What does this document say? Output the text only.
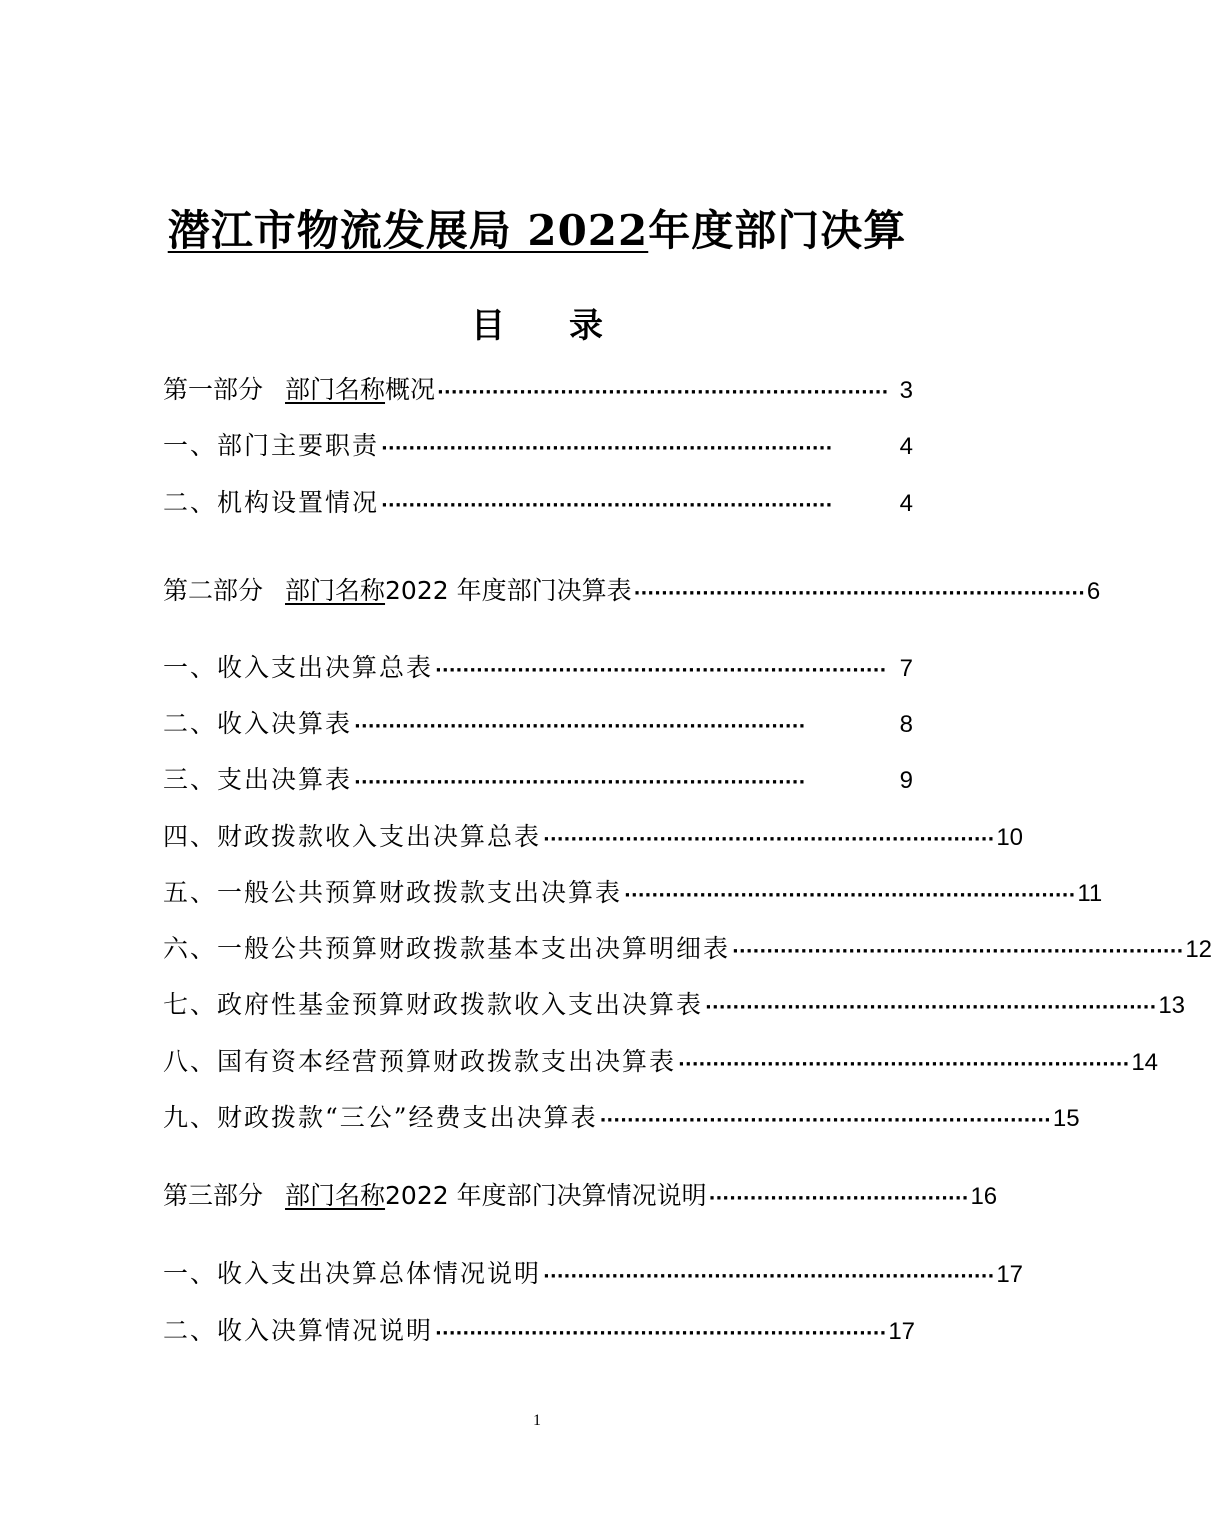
潜江市物流发展局 2022年度部门决算
目 录
第一部分 部门名称概况 ·································································· 3
一、部门主要职责 ··································································	4
二、机构设置情况 ··································································	4
第二部分 部门名称2022 年度部门决算表 ·································································· 6
一、收入支出决算总表 ·································································· 7
二、收入决算表 ··································································	8
三、支出决算表 ··································································	9
四、财政拨款收入支出决算总表 ·································································· 10
五、一般公共预算财政拨款支出决算表 ·································································· 11
六、一般公共预算财政拨款基本支出决算明细表 ·································································· 12
七、政府性基金预算财政拨款收入支出决算表 ·································································· 13
八、国有资本经营预算财政拨款支出决算表 ·································································· 14
九、财政拨款“三公”经费支出决算表 ·································································· 15
第三部分 部门名称2022 年度部门决算情况说明 ······································ 16
一、收入支出决算总体情况说明 ·································································· 17
二、收入决算情况说明 ·································································· 17
1
